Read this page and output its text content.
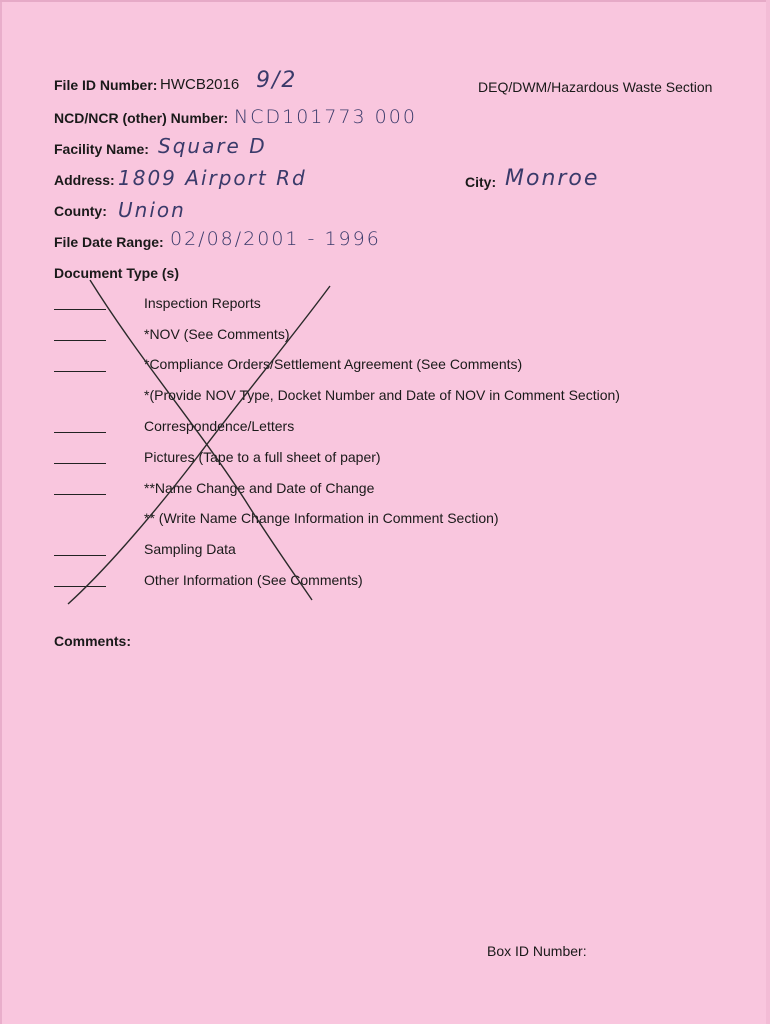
File ID Number: HWCB2016 9/2	DEQ/DWM/Hazardous Waste Section
NCD/NCR (other) Number: NCD101773 000
Facility Name: Square D
Address: 1809 Airport Rd	City: Monroe
County: Union
File Date Range: 02/08/2001 - 1996
Document Type (s)
Inspection Reports
*NOV (See Comments)
*Compliance Orders/Settlement Agreement (See Comments)
*(Provide NOV Type, Docket Number and Date of NOV in Comment Section)
Correspondence/Letters
Pictures (Tape to a full sheet of paper)
**Name Change and Date of Change
** (Write Name Change Information in Comment Section)
Sampling Data
Other Information (See Comments)
Comments:
Box ID Number:
